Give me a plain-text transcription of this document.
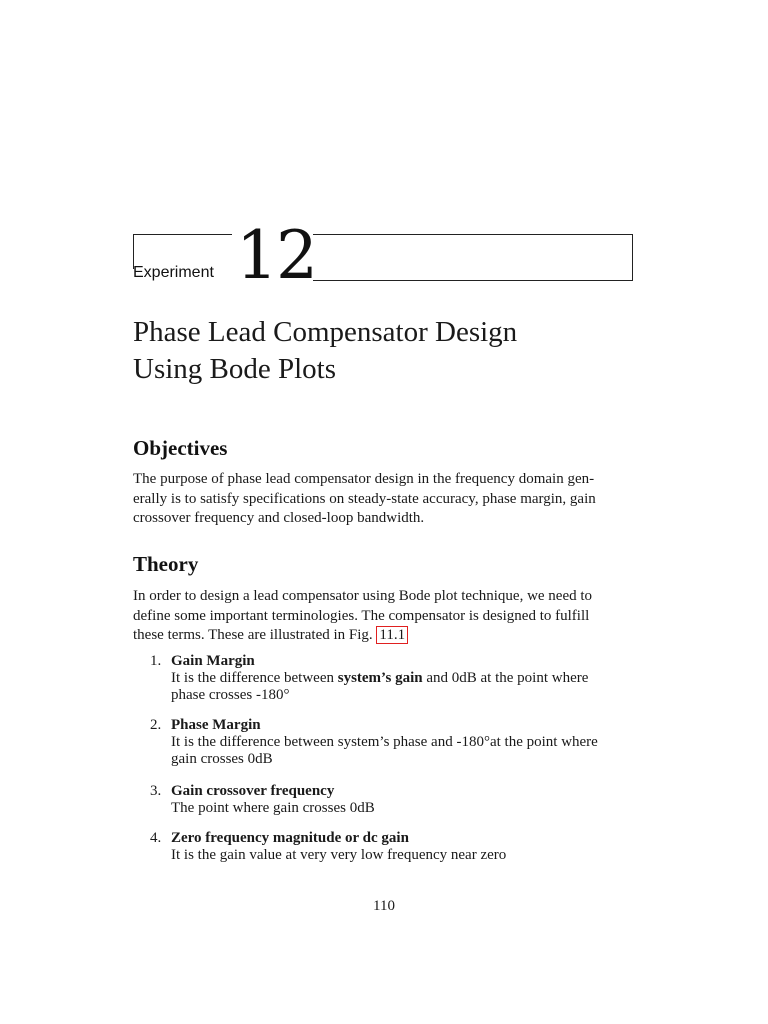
Experiment 12
Phase Lead Compensator Design
Using Bode Plots
Objectives

The purpose of phase lead compensator design in the frequency domain gen-
erally is to satisfy specifications on steady-state accuracy, phase margin, gain
crossover frequency and closed-loop bandwidth.

Theory

In order to design a lead compensator using Bode plot technique, we need to
define some important terminologies. The compensator is designed to fulfill
these terms. These are illustrated in Fig. 11.1

1. Gain Margin
It is the difference between system’s gain and 0dB at the point where
phase crosses -180°
2. Phase Margin
It is the difference between system’s phase and -180°at the point where
gain crosses 0dB
3. Gain crossover frequency
The point where gain crosses 0dB
4. Zero frequency magnitude or dc gain
It is the gain value at very very low frequency near zero
110
